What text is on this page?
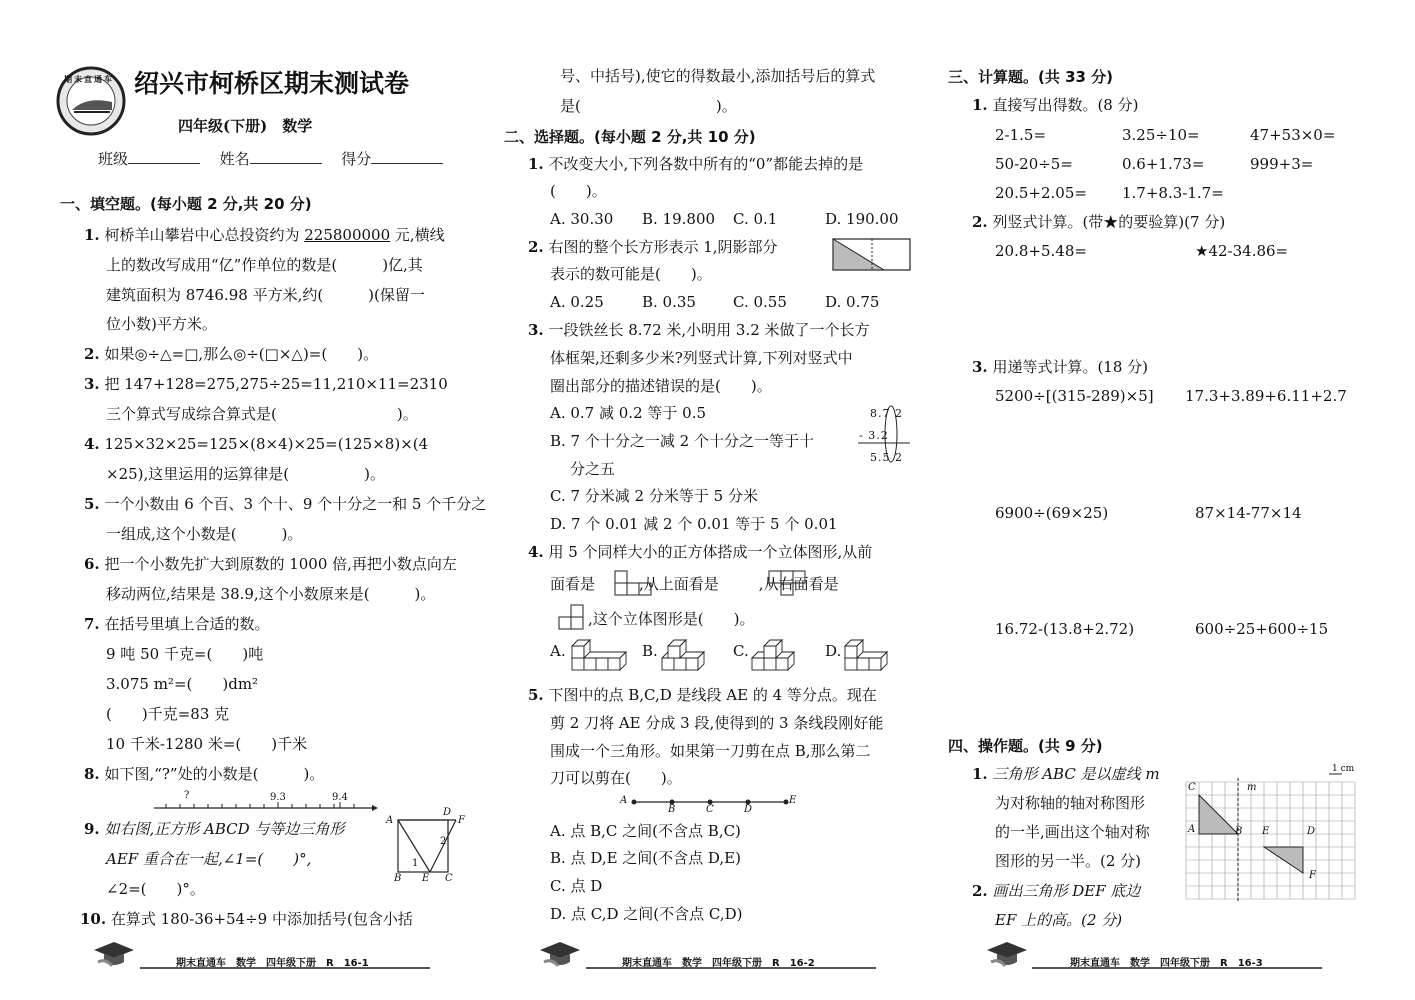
期末直通车 绍兴市柯桥区期末测试卷
四年级(下册)　数学
班级	姓名	得分
一、填空题。(每小题 2 分,共 20 分)
1. 柯桥羊山攀岩中心总投资约为 225800000 元,横线
上的数改写成用“亿”作单位的数是(　　　)亿,其
建筑面积为 8746.98 平方米,约(　　　)(保留一
位小数)平方米。
2. 如果◎÷△=□,那么◎÷(□×△)=(　　)。
3. 把 147+128=275,275÷25=11,210×11=2310
三个算式写成综合算式是(　　　　　　　　)。
4. 125×32×25=125×(8×4)×25=(125×8)×(4
×25),这里运用的运算律是(　　　　　)。
5. 一个小数由 6 个百、3 个十、9 个十分之一和 5 个千分之
一组成,这个小数是(　　　)。
6. 把一个小数先扩大到原数的 1000 倍,再把小数点向左
移动两位,结果是 38.9,这个小数原来是(　　　)。
7. 在括号里填上合适的数。
9 吨 50 千克=(　　)吨
3.075 m²=(　　)dm²
(　　)千克=83 克
10 千米-1280 米=(　　)千米
8. 如下图,“?”处的小数是(　　　)。
?	9.3	9.4
9. 如右图,正方形 ABCD 与等边三角形
AEF 重合在一起,∠1=(　　)°,
∠2=(　　)°。
A
D
F
B E C
1
2
10. 在算式 180-36+54÷9 中添加括号(包含小括
期末直通车　数学　四年级下册　R　16-1
号、中括号),使它的得数最小,添加括号后的算式
是(　　　　　　　　　)。
二、选择题。(每小题 2 分,共 10 分)
1. 不改变大小,下列各数中所有的“0”都能去掉的是
(　　)。
A. 30.30 B. 19.800 C. 0.1	D. 190.00
2. 右图的整个长方形表示 1,阴影部分
表示的数可能是(　　)。
A. 0.25	B. 0.35 C. 0.55	D. 0.75
3. 一段铁丝长 8.72 米,小明用 3.2 米做了一个长方
体框架,还剩多少米?列竖式计算,下列对竖式中
圈出部分的描述错误的是(　　)。
A. 0.7 减 0.2 等于 0.5
B. 7 个十分之一减 2 个十分之一等于十
分之五
C. 7 分米减 2 分米等于 5 分米
D. 7 个 0.01 减 2 个 0.01 等于 5 个 0.01
8.7 2
- 3.2
5.5 2
4. 用 5 个同样大小的正方体搭成一个立体图形,从前
面看是	,从上面看是	,从右面看是
,这个立体图形是(　　)。
A.	B.	C.	D.
5. 下图中的点 B,C,D 是线段 AE 的 4 等分点。现在
剪 2 刀将 AE 分成 3 段,使得到的 3 条线段刚好能
围成一个三角形。如果第一刀剪在点 B,那么第二
刀可以剪在(　　)。
A
B	C	D
E
A. 点 B,C 之间(不含点 B,C)
B. 点 D,E 之间(不含点 D,E)
C. 点 D
D. 点 C,D 之间(不含点 C,D)
期末直通车　数学　四年级下册　R　16-2
三、计算题。(共 33 分)
1. 直接写出得数。(8 分)
2-1.5=	3.25÷10=	47+53×0=
50-20÷5=	0.6+1.73=	999+3=
20.5+2.05= 1.7+8.3-1.7=
2. 列竖式计算。(带★的要验算)(7 分)
20.8+5.48=	★42-34.86=
3. 用递等式计算。(18 分)
5200÷[(315-289)×5] 17.3+3.89+6.11+2.7
6900÷(69×25)	87×14-77×14
16.72-(13.8+2.72)	600÷25+600÷15
四、操作题。(共 9 分)
1. 三角形 ABC 是以虚线 m
为对称轴的轴对称图形
的一半,画出这个轴对称
图形的另一半。(2 分)
2. 画出三角形 DEF 底边
EF 上的高。(2 分)
1 cm
C	m
A	B E	D
F
期末直通车　数学　四年级下册　R　16-3
